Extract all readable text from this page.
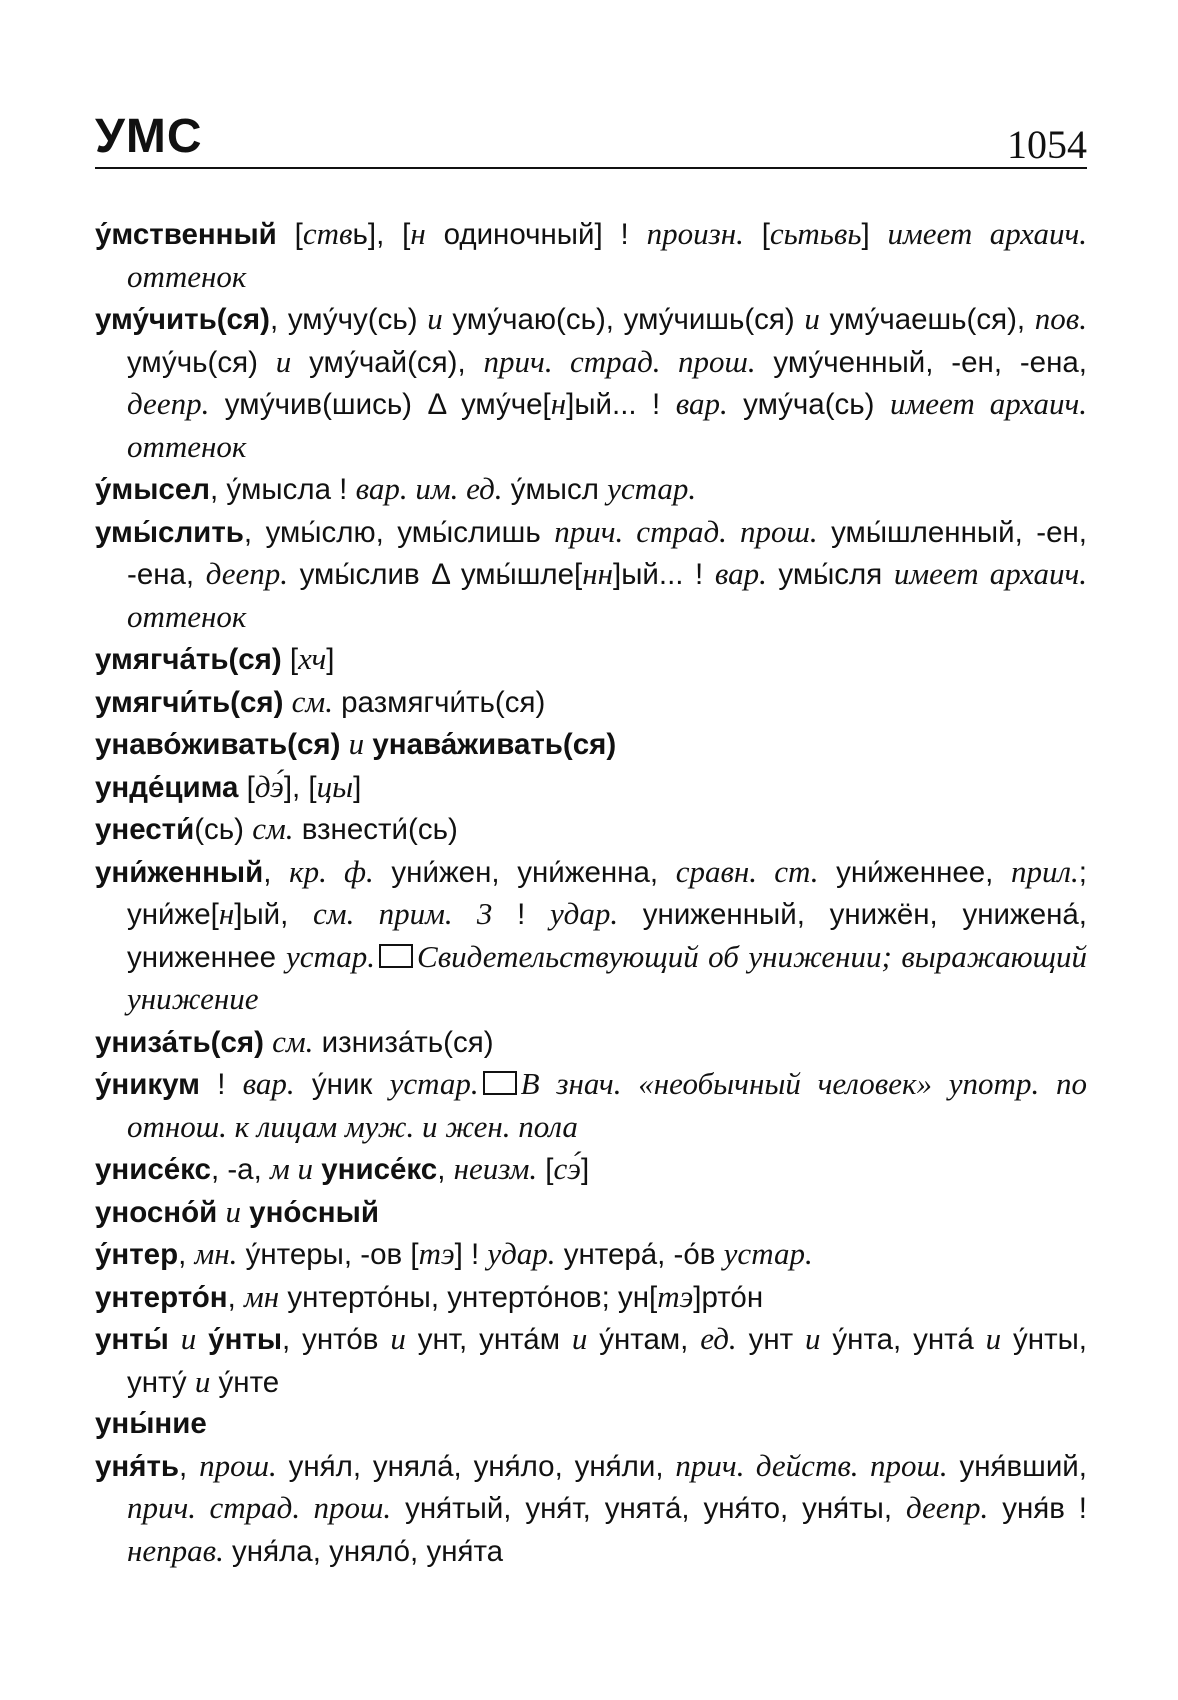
УМС	1054
у́мственный [ствь], [н одиночный] ! произн. [сьтьвь] имеет архаич. оттенок
уму́чить(ся), уму́чу(сь) и уму́чаю(сь), уму́чишь(ся) и уму́чаешь(ся), пов. уму́чь(ся) и уму́чай(ся), прич. страд. прош. уму́ченный, -ен, -ена, деепр. уму́чив(шись) Δ уму́че[н]ый... ! вар. уму́ча(сь) имеет архаич. оттенок
у́мысел, у́мысла ! вар. им. ед. у́мысл устар.
умы́слить, умы́слю, умы́слишь прич. страд. прош. умы́шленный, -ен, -ена, деепр. умы́слив Δ умы́шле[нн]ый... ! вар. умы́сля имеет архаич. оттенок
умягча́ть(ся) [хч]
умягчи́ть(ся) см. размягчи́ть(ся)
унаво́живать(ся) и унава́живать(ся)
унде́цима [дэ́], [цы]
унести́(сь) см. взнести́(сь)
уни́женный, кр. ф. уни́жен, уни́женна, сравн. ст. уни́женнее, прил.; уни́же[н]ый, см. прим. 3 ! удар. униженный, унижён, унижена́, униженнее устар. Свидетельствующий об унижении; выражающий унижение
униза́ть(ся) см. изниза́ть(ся)
у́никум ! вар. у́ник устар. В знач. «необычный человек» употр. по отнош. к лицам муж. и жен. пола
унисе́кс, -а, м и унисе́кс, неизм. [сэ́]
уносно́й и уно́сный
у́нтер, мн. у́нтеры, -ов [тэ] ! удар. унтера́, -о́в устар.
унтерто́н, мн унтерто́ны, унтерто́нов; ун[тэ]рто́н
унты́ и у́нты, унто́в и унт, унта́м и у́нтам, ед. унт и у́нта, унта́ и у́нты, унту́ и у́нте
уны́ние
уня́ть, прош. уня́л, уняла́, уня́ло, уня́ли, прич. действ. прош. уня́вший, прич. страд. прош. уня́тый, уня́т, унята́, уня́то, уня́ты, деепр. уня́в ! неправ. уня́ла, уняло́, уня́та
